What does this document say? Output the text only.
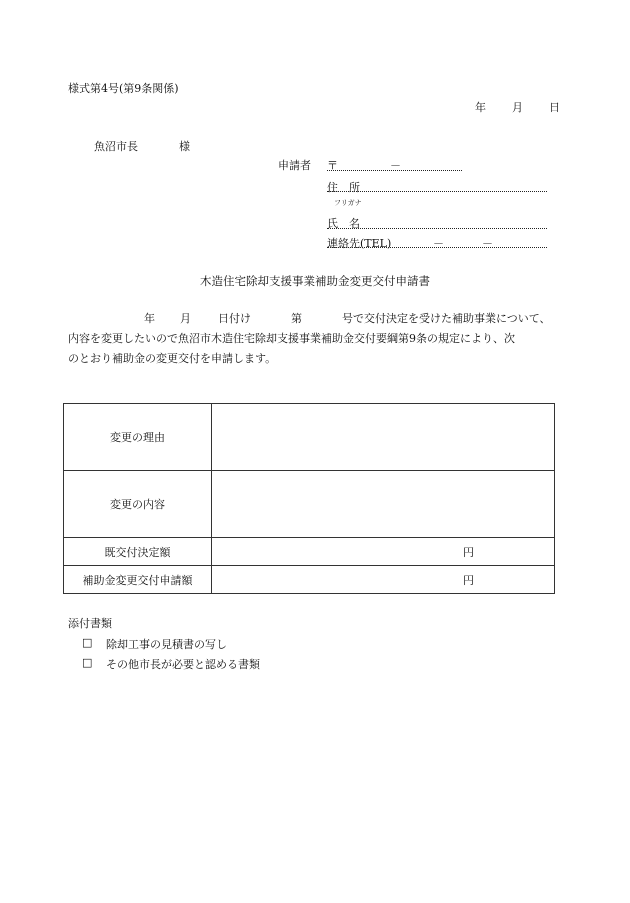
様式第4号(第9条関係)
年 月 日
魚沼市長	様
申請者 〒	－
住　所
フリガナ
氏　名
連絡先(TEL)	－	－
木造住宅除却支援事業補助金変更交付申請書
年 月 日付け	第	号で交付決定を受けた補助事業について、
内容を変更したいので魚沼市木造住宅除却支援事業補助金交付要綱第9条の規定により、次
のとおり補助金の変更交付を申請します。
変更の理由	
変更の内容	
既交付決定額	円
補助金変更交付申請額	円
添付書類
□ 除却工事の見積書の写し
□ その他市長が必要と認める書類
